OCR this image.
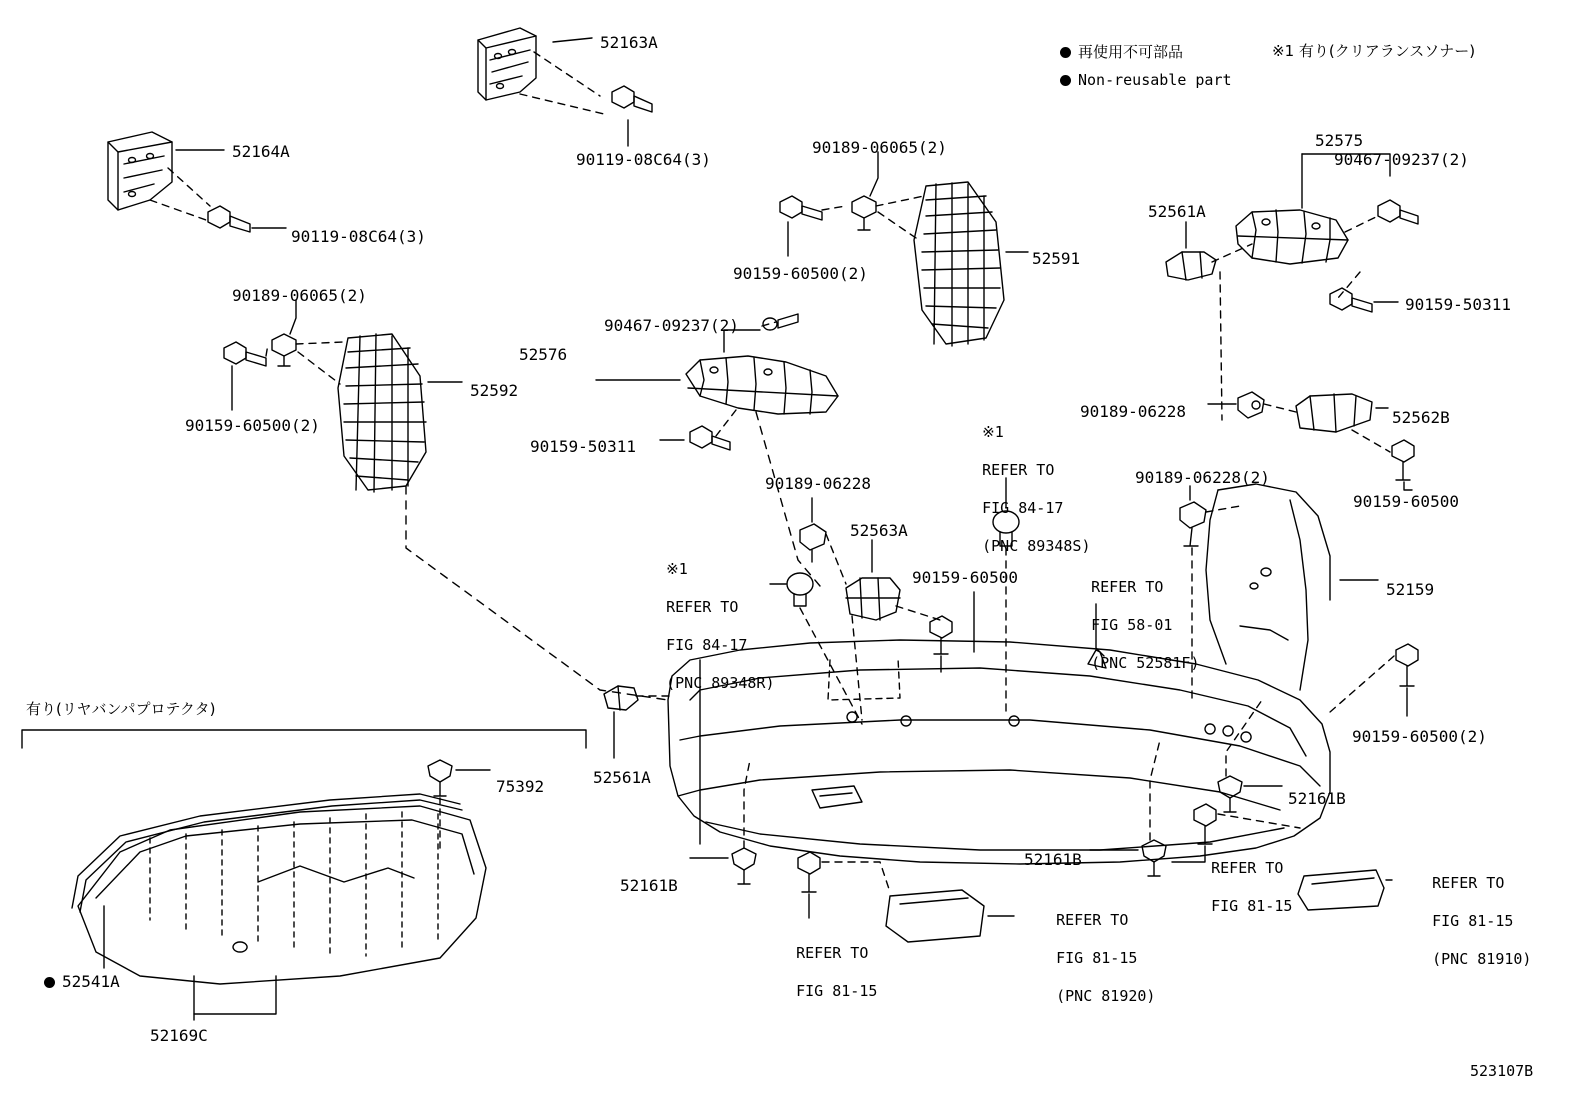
再使用不可部品
Non-reusable part
※1 有り(クリアランスソナー)
有り(リヤバンパプロテクタ)
52163A
90119-08C64(3)
52164A
90119-08C64(3)
90189-06065(2)
90159-60500(2)
52591
52575
90467-09237(2)
52561A
90159-50311
90189-06065(2)
90159-60500(2)
52592
52576
90467-09237(2)
90159-50311
90189-06228	52562B
90159-60500
90189-06228(2)
90189-06228
52563A
90159-60500
52159
90159-60500(2)
52561A
75392
52161B
52161B
52161B
52541A
52169C

※1

REFER TO

FIG 84-17

(PNC 89348S)

※1

REFER TO

FIG 84-17

(PNC 89348R)

REFER TO

FIG 58-01

(PNC 52581F)

REFER TO

FIG 81-15

(PNC 81910)

REFER TO

FIG 81-15

REFER TO

FIG 81-15

(PNC 81920)

REFER TO

FIG 81-15

523107B
